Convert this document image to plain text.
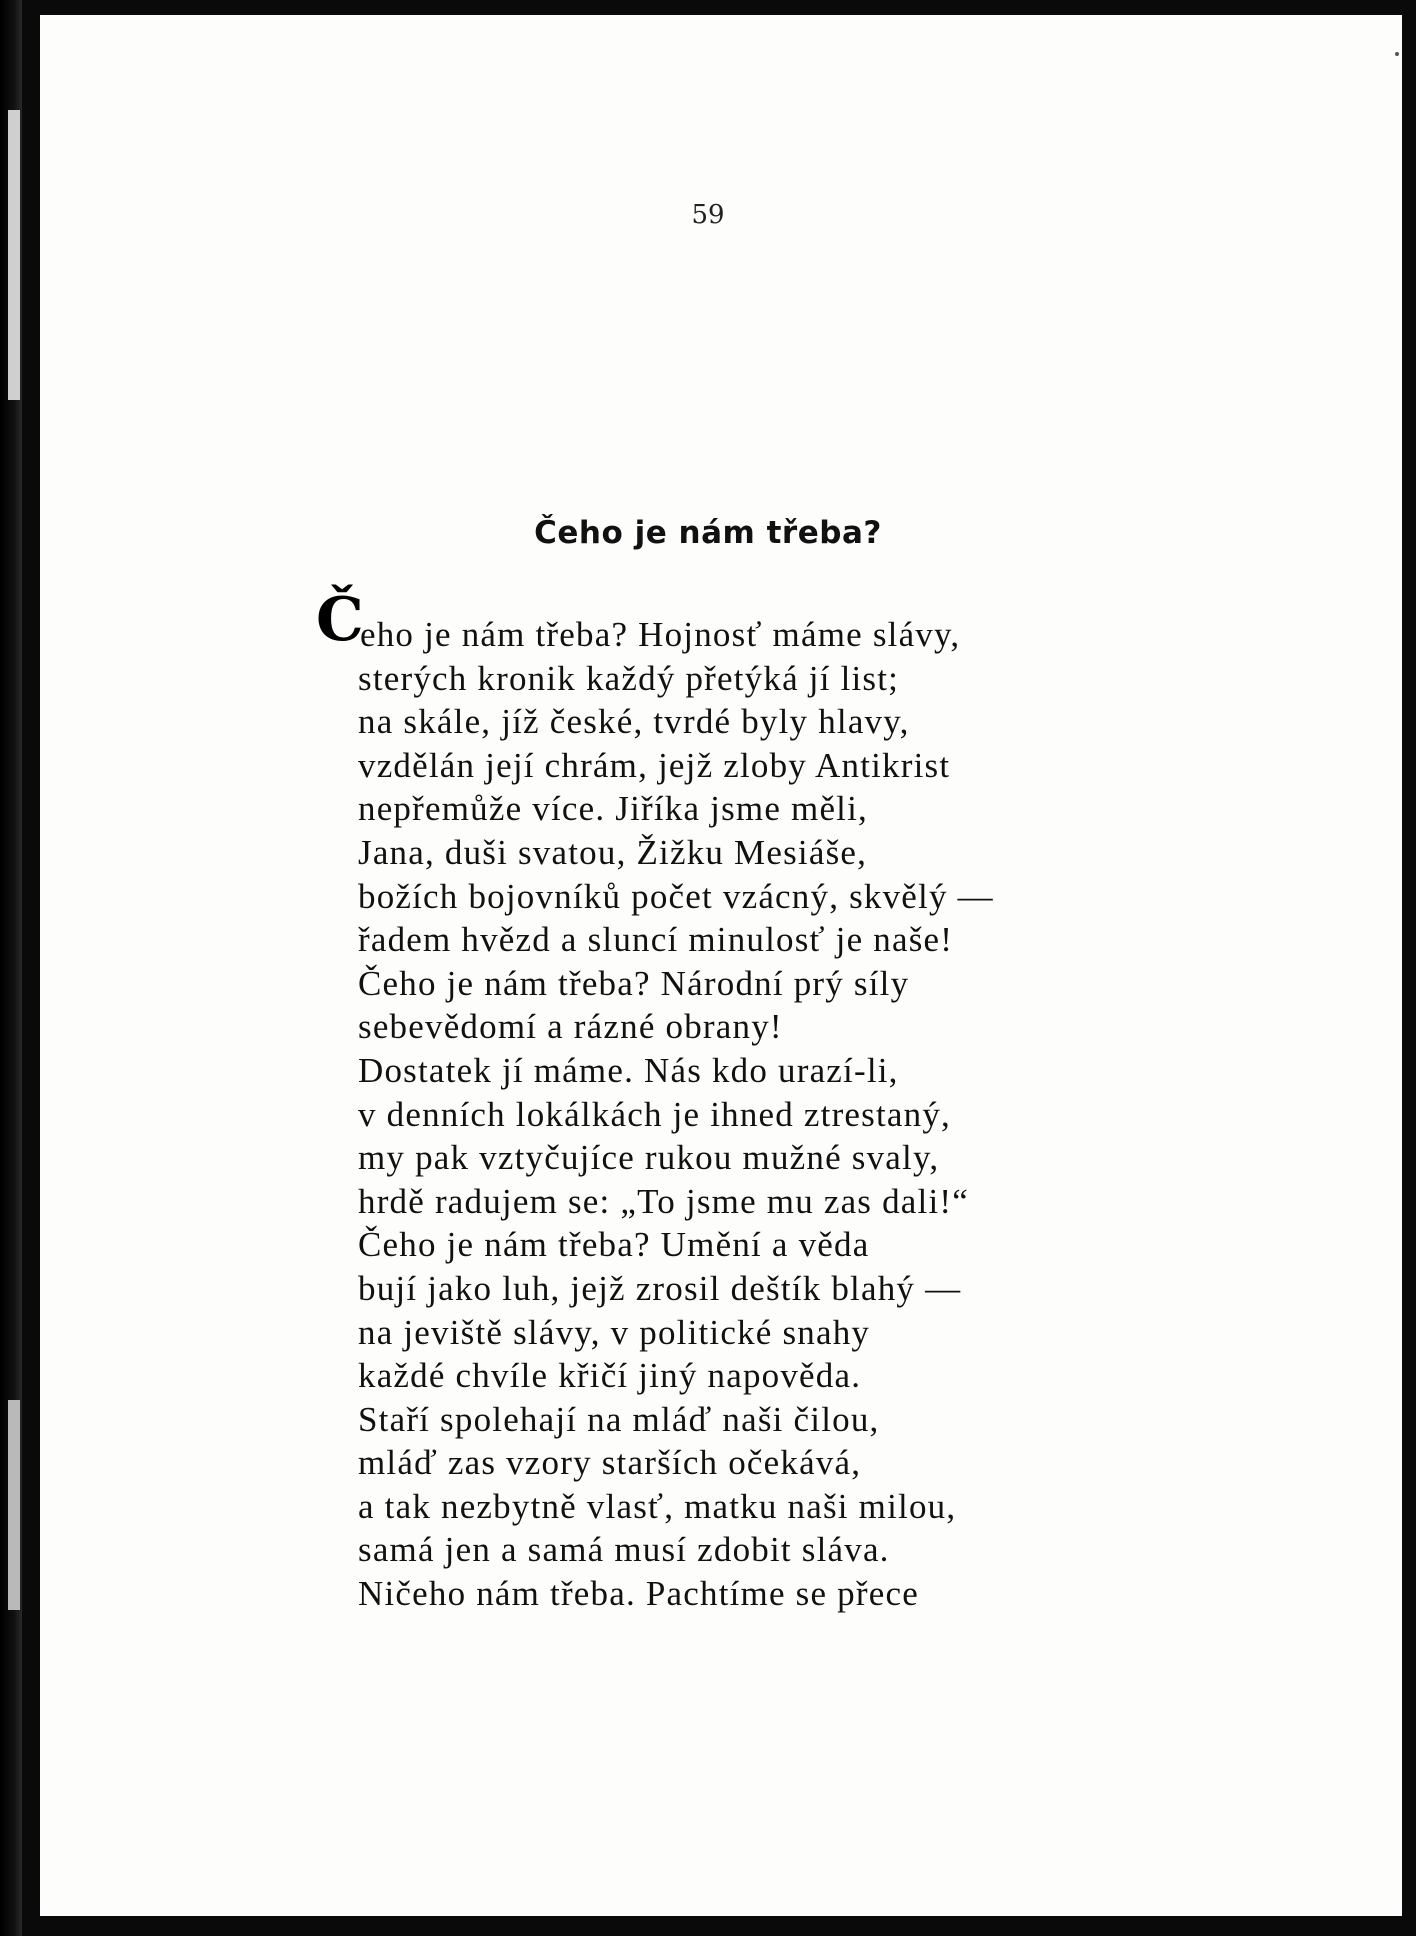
59
Čeho je nám třeba?
Č
eho je nám třeba? Hojnosť máme slávy,
sterých kronik každý přetýká jí list;
na skále, jíž české, tvrdé byly hlavy,
vzdělán její chrám, jejž zloby Antikrist
nepřemůže více. Jiříka jsme měli,
Jana, duši svatou, Žižku Mesiáše,
božích bojovníků počet vzácný, skvělý —
řadem hvězd a sluncí minulosť je naše!
Čeho je nám třeba? Národní prý síly
sebevědomí a rázné obrany!
Dostatek jí máme. Nás kdo urazí-li,
v denních lokálkách je ihned ztrestaný,
my pak vztyčujíce rukou mužné svaly,
hrdě radujem se: „To jsme mu zas dali!“
Čeho je nám třeba? Umění a věda
bují jako luh, jejž zrosil deštík blahý —
na jeviště slávy, v politické snahy
každé chvíle křičí jiný napověda.
Staří spolehají na mláď naši čilou,
mláď zas vzory starších očekává,
a tak nezbytně vlasť, matku naši milou,
samá jen a samá musí zdobit sláva.
Ničeho nám třeba. Pachtíme se přece
